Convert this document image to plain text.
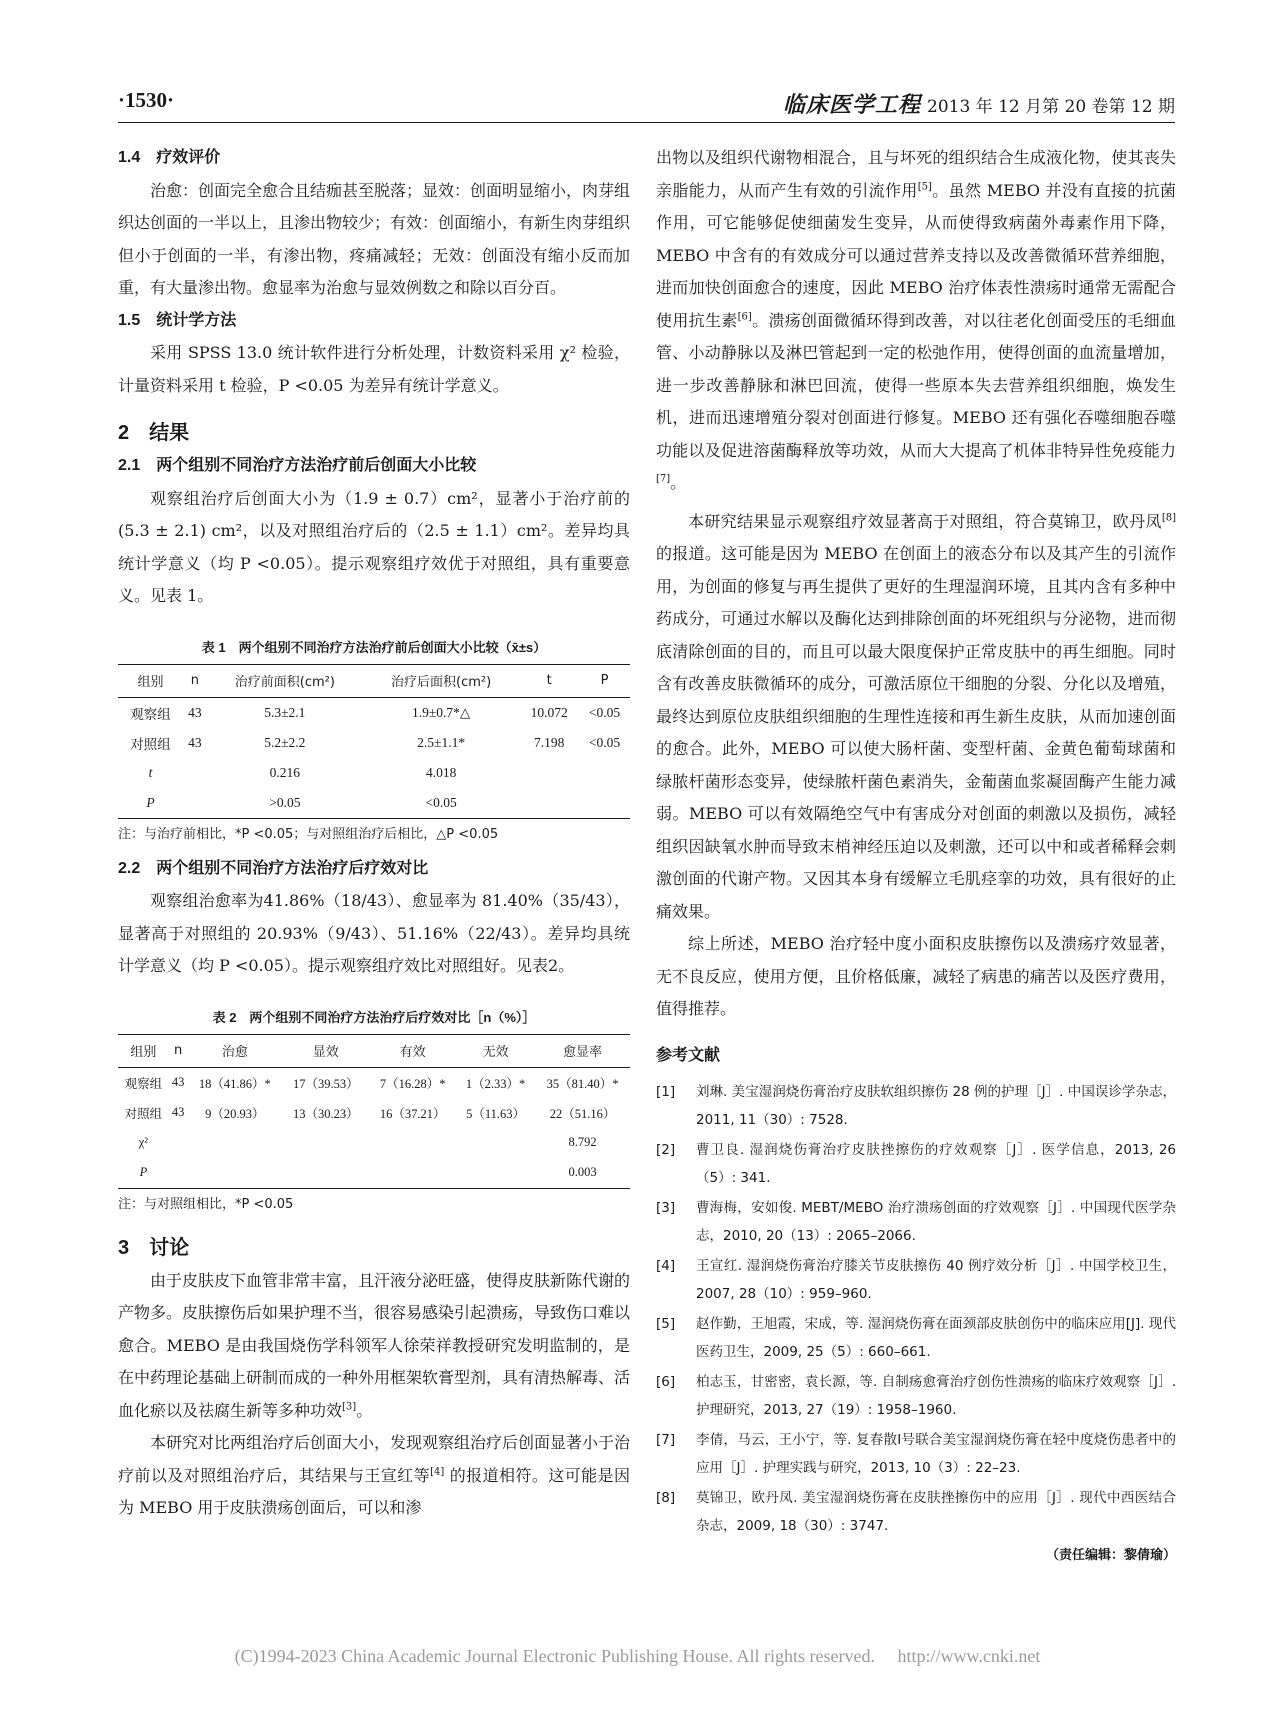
·1530·	临床医学工程 2013 年 12 月第 20 卷第 12 期
1.4　疗效评价

治愈：创面完全愈合且结痂甚至脱落；显效：创面明显缩小，肉芽组织达创面的一半以上，且渗出物较少；有效：创面缩小，有新生肉芽组织但小于创面的一半，有渗出物，疼痛减轻；无效：创面没有缩小反而加重，有大量渗出物。愈显率为治愈与显效例数之和除以百分百。

1.5　统计学方法

采用 SPSS 13.0 统计软件进行分析处理，计数资料采用 χ² 检验，计量资料采用 t 检验，P <0.05 为差异有统计学意义。

2　结果
2.1　两个组别不同治疗方法治疗前后创面大小比较

观察组治疗后创面大小为（1.9 ± 0.7）cm²，显著小于治疗前的(5.3 ± 2.1) cm²，以及对照组治疗后的（2.5 ± 1.1）cm²。差异均具统计学意义（均 P <0.05）。提示观察组疗效优于对照组，具有重要意义。见表 1。

表 1　两个组别不同治疗方法治疗前后创面大小比较（x̄±s）
组别	n	治疗前面积(cm²)	治疗后面积(cm²)	t	P
观察组	43	5.3±2.1	1.9±0.7*△	10.072	<0.05
对照组	43	5.2±2.2	2.5±1.1*	7.198	<0.05
t		0.216	4.018		
P		>0.05	<0.05		
注：与治疗前相比，*P <0.05；与对照组治疗后相比，△P <0.05
2.2　两个组别不同治疗方法治疗后疗效对比

观察组治愈率为41.86%（18/43）、愈显率为 81.40%（35/43），显著高于对照组的 20.93%（9/43）、51.16%（22/43）。差异均具统计学意义（均 P <0.05）。提示观察组疗效比对照组好。见表2。

表 2　两个组别不同治疗方法治疗后疗效对比［n（%）］
组别	n	治愈	显效	有效	无效	愈显率
观察组	43	18（41.86）*	17（39.53）	7（16.28）*	1（2.33）*	35（81.40）*
对照组	43	9（20.93）	13（30.23）	16（37.21）	5（11.63）	22（51.16）
χ²						8.792
P						0.003
注：与对照组相比，*P <0.05
3　讨论

由于皮肤皮下血管非常丰富，且汗液分泌旺盛，使得皮肤新陈代谢的产物多。皮肤擦伤后如果护理不当，很容易感染引起溃疡，导致伤口难以愈合。MEBO 是由我国烧伤学科领军人徐荣祥教授研究发明监制的，是在中药理论基础上研制而成的一种外用框架软膏型剂，具有清热解毒、活血化瘀以及祛腐生新等多种功效[3]。

本研究对比两组治疗后创面大小，发现观察组治疗后创面显著小于治疗前以及对照组治疗后，其结果与王宣红等[4] 的报道相符。这可能是因为 MEBO 用于皮肤溃疡创面后，可以和渗

出物以及组织代谢物相混合，且与坏死的组织结合生成液化物，使其丧失亲脂能力，从而产生有效的引流作用[5]。虽然 MEBO 并没有直接的抗菌作用，可它能够促使细菌发生变异，从而使得致病菌外毒素作用下降，MEBO 中含有的有效成分可以通过营养支持以及改善微循环营养细胞，进而加快创面愈合的速度，因此 MEBO 治疗体表性溃疡时通常无需配合使用抗生素[6]。溃疡创面微循环得到改善，对以往老化创面受压的毛细血管、小动静脉以及淋巴管起到一定的松弛作用，使得创面的血流量增加，进一步改善静脉和淋巴回流，使得一些原本失去营养组织细胞，焕发生机，进而迅速增殖分裂对创面进行修复。MEBO 还有强化吞噬细胞吞噬功能以及促进溶菌酶释放等功效，从而大大提高了机体非特异性免疫能力[7]。

本研究结果显示观察组疗效显著高于对照组，符合莫锦卫，欧丹凤[8] 的报道。这可能是因为 MEBO 在创面上的液态分布以及其产生的引流作用，为创面的修复与再生提供了更好的生理湿润环境，且其内含有多种中药成分，可通过水解以及酶化达到排除创面的坏死组织与分泌物，进而彻底清除创面的目的，而且可以最大限度保护正常皮肤中的再生细胞。同时含有改善皮肤微循环的成分，可激活原位干细胞的分裂、分化以及增殖，最终达到原位皮肤组织细胞的生理性连接和再生新生皮肤，从而加速创面的愈合。此外，MEBO 可以使大肠杆菌、变型杆菌、金黄色葡萄球菌和绿脓杆菌形态变异，使绿脓杆菌色素消失，金葡菌血浆凝固酶产生能力减弱。MEBO 可以有效隔绝空气中有害成分对创面的刺激以及损伤，减轻组织因缺氧水肿而导致末梢神经压迫以及刺激，还可以中和或者稀释会刺激创面的代谢产物。又因其本身有缓解立毛肌痉挛的功效，具有很好的止痛效果。

综上所述，MEBO 治疗轻中度小面积皮肤擦伤以及溃疡疗效显著，无不良反应，使用方便，且价格低廉，减轻了病患的痛苦以及医疗费用，值得推荐。

参考文献
[1]	刘琳. 美宝湿润烧伤膏治疗皮肤软组织擦伤 28 例的护理［J］. 中国误诊学杂志，2011, 11（30）: 7528.
[2]	曹卫良. 湿润烧伤膏治疗皮肤挫擦伤的疗效观察［J］. 医学信息，2013, 26（5）: 341.
[3]	曹海梅，安如俊. MEBT/MEBO 治疗溃疡创面的疗效观察［J］. 中国现代医学杂志，2010, 20（13）: 2065–2066.
[4]	王宣红. 湿润烧伤膏治疗膝关节皮肤擦伤 40 例疗效分析［J］. 中国学校卫生，2007, 28（10）: 959–960.
[5]	赵作勤，王旭霞，宋成，等. 湿润烧伤膏在面颈部皮肤创伤中的临床应用[J]. 现代医药卫生，2009, 25（5）: 660–661.
[6]	柏志玉，甘密密，袁长源，等. 自制疡愈膏治疗创伤性溃疡的临床疗效观察［J］. 护理研究，2013, 27（19）: 1958–1960.
[7]	李倩，马云，王小宁，等. 复春散Ⅰ号联合美宝湿润烧伤膏在轻中度烧伤患者中的应用［J］. 护理实践与研究，2013, 10（3）: 22–23.
[8]	莫锦卫，欧丹凤. 美宝湿润烧伤膏在皮肤挫擦伤中的应用［J］. 现代中西医结合杂志，2009, 18（30）: 3747.
（责任编辑：黎倩瑜）
(C)1994-2023 China Academic Journal Electronic Publishing House. All rights reserved.　 http://www.cnki.net
